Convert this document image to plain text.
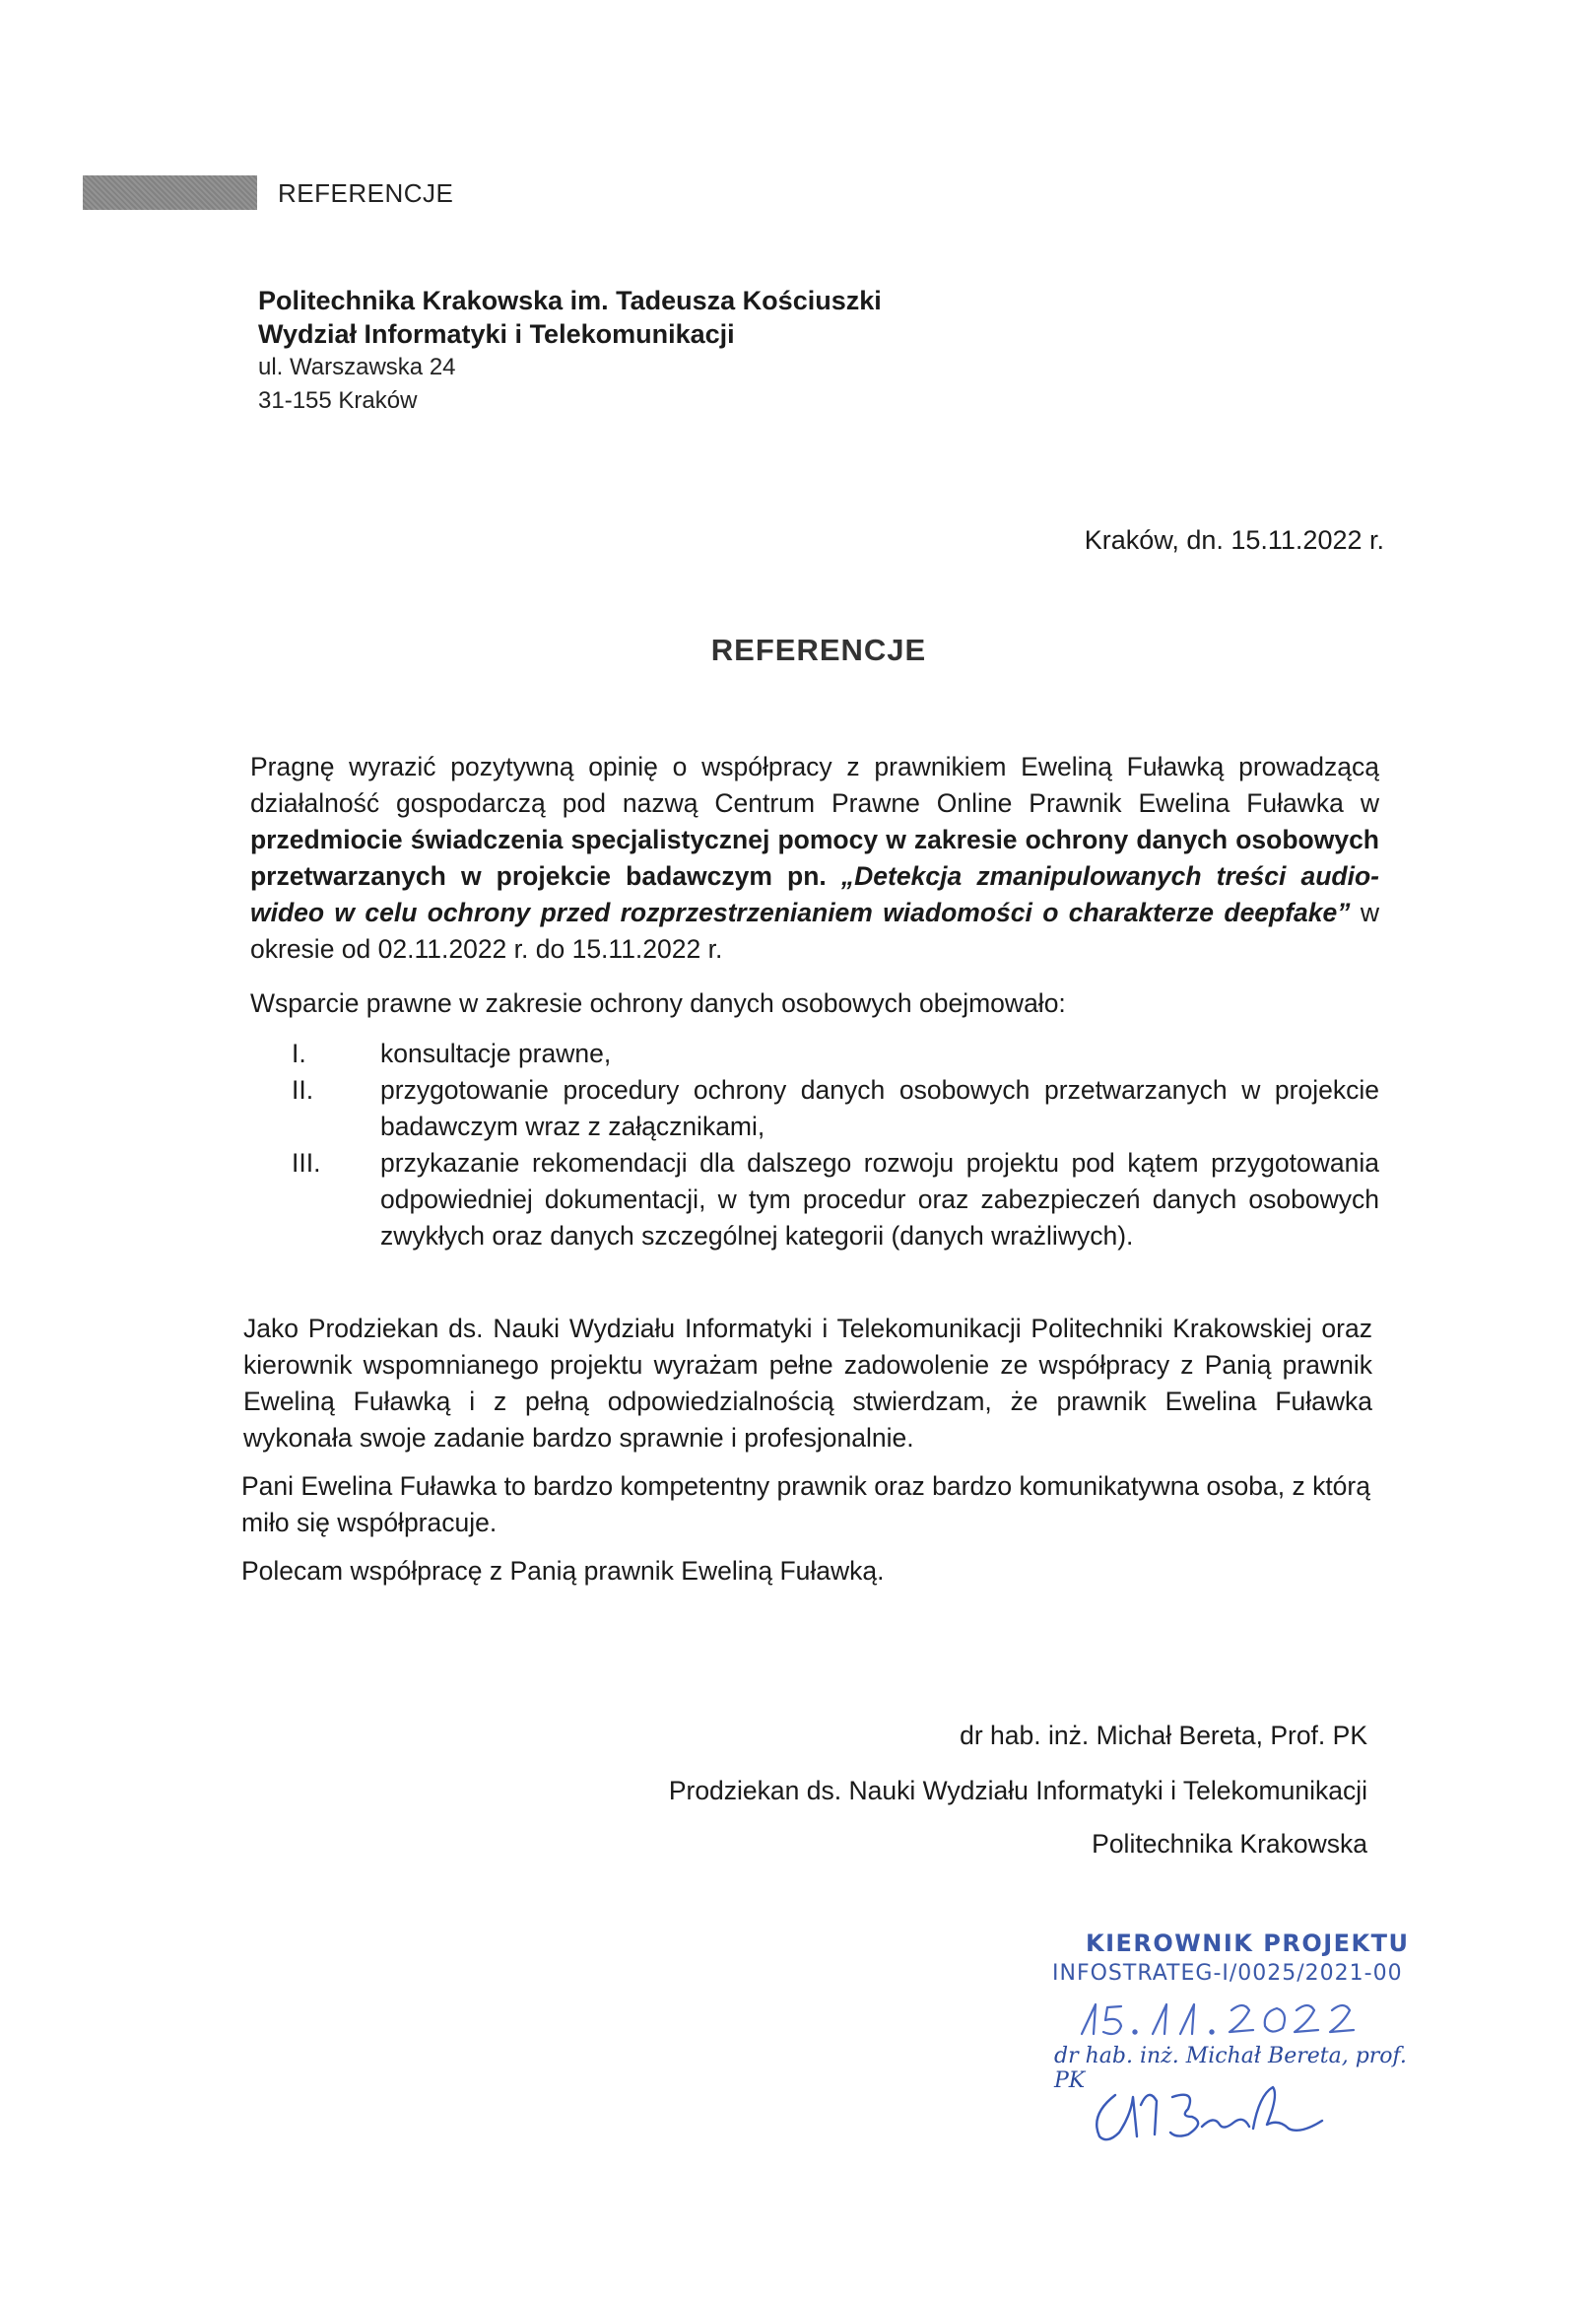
REFERENCJE
Politechnika Krakowska im. Tadeusza Kościuszki
Wydział Informatyki i Telekomunikacji
ul. Warszawska 24
31-155 Kraków
Kraków, dn. 15.11.2022 r.
REFERENCJE
Pragnę wyrazić pozytywną opinię o współpracy z prawnikiem Eweliną Fuławką prowadzącą działalność gospodarczą pod nazwą Centrum Prawne Online Prawnik Ewelina Fuławka w przedmiocie świadczenia specjalistycznej pomocy w zakresie ochrony danych osobowych przetwarzanych w projekcie badawczym pn. „Detekcja zmanipulowanych treści audio-wideo w celu ochrony przed rozprzestrzenianiem wiadomości o charakterze deepfake” w okresie od 02.11.2022 r. do 15.11.2022 r.
Wsparcie prawne w zakresie ochrony danych osobowych obejmowało:
I.	konsultacje prawne,
II.	przygotowanie procedury ochrony danych osobowych przetwarzanych w projekcie badawczym wraz z załącznikami,
III.	przykazanie rekomendacji dla dalszego rozwoju projektu pod kątem przygotowania odpowiedniej dokumentacji, w tym procedur oraz zabezpieczeń danych osobowych zwykłych oraz danych szczególnej kategorii (danych wrażliwych).
Jako Prodziekan ds. Nauki Wydziału Informatyki i Telekomunikacji Politechniki Krakowskiej oraz kierownik wspomnianego projektu wyrażam pełne zadowolenie ze współpracy z Panią prawnik Eweliną Fuławką i z pełną odpowiedzialnością stwierdzam, że prawnik Ewelina Fuławka wykonała swoje zadanie bardzo sprawnie i profesjonalnie.
Pani Ewelina Fuławka to bardzo kompetentny prawnik oraz bardzo komunikatywna osoba, z którą miło się współpracuje.
Polecam współpracę z Panią prawnik Eweliną Fuławką.
dr hab. inż. Michał Bereta, Prof. PK
Prodziekan ds. Nauki Wydziału Informatyki i Telekomunikacji
Politechnika Krakowska
KIEROWNIK PROJEKTU
INFOSTRATEG-I/0025/2021-00
dr hab. inż. Michał Bereta, prof. PK
